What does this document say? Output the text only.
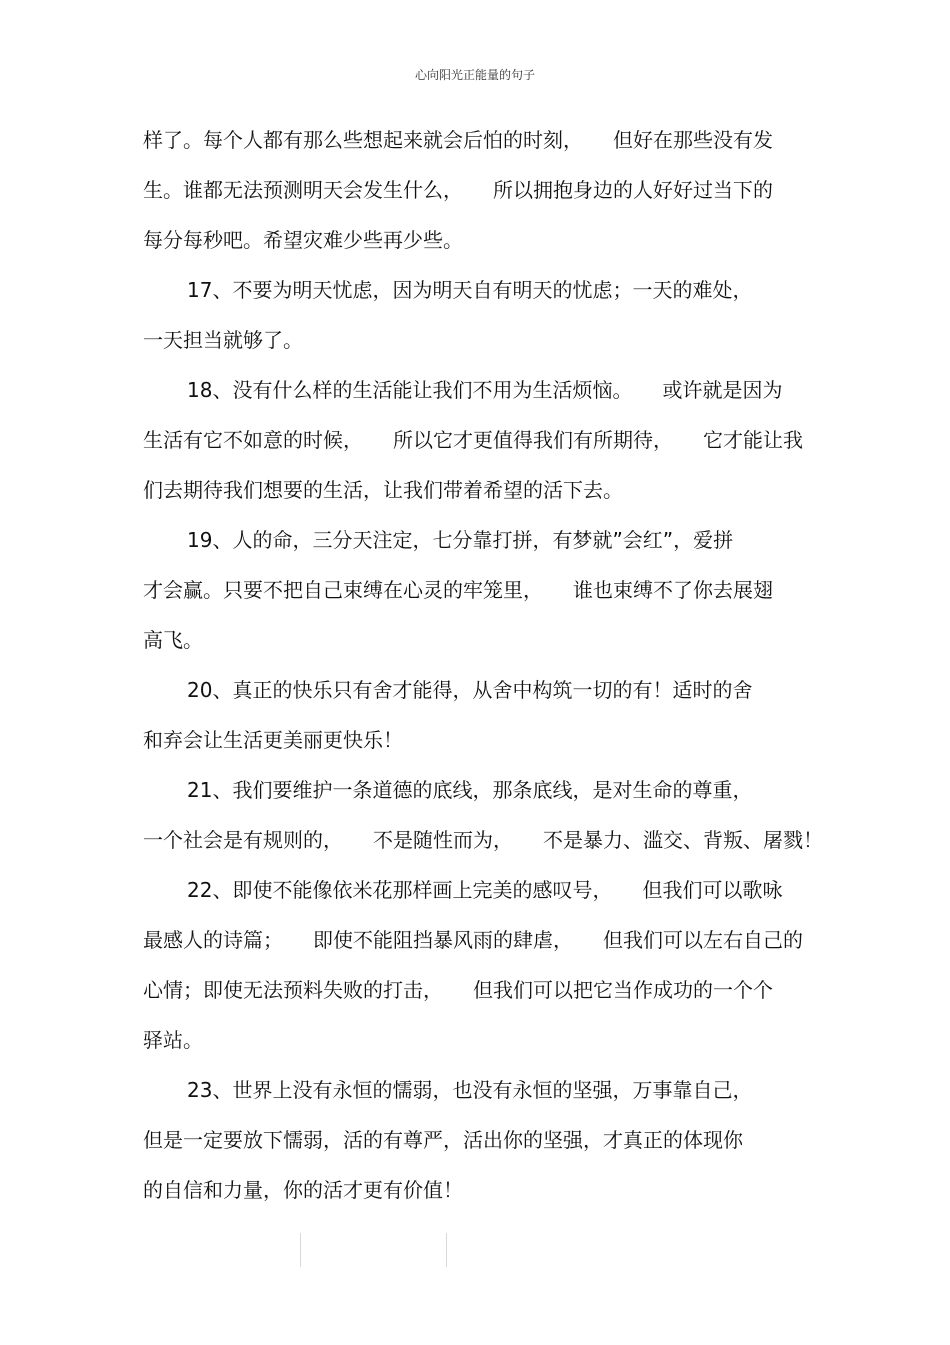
心向阳光正能量的句子
样了。每个人都有那么些想起来就会后怕的时刻， 但好在那些没有发
生。谁都无法预测明天会发生什么， 所以拥抱身边的人好好过当下的
每分每秒吧。希望灾难少些再少些。
17、不要为明天忧虑，因为明天自有明天的忧虑；一天的难处，
一天担当就够了。
18、没有什么样的生活能让我们不用为生活烦恼。 或许就是因为
生活有它不如意的时候， 所以它才更值得我们有所期待， 它才能让我
们去期待我们想要的生活，让我们带着希望的活下去。
19、人的命，三分天注定，七分靠打拼，有梦就”会红”，爱拼
才会赢。只要不把自己束缚在心灵的牢笼里， 谁也束缚不了你去展翅
高飞。
20、真正的快乐只有舍才能得，从舍中构筑一切的有！适时的舍
和弃会让生活更美丽更快乐！
21、我们要维护一条道德的底线，那条底线，是对生命的尊重，
一个社会是有规则的， 不是随性而为， 不是暴力、滥交、背叛、屠戮！
22、即使不能像依米花那样画上完美的感叹号， 但我们可以歌咏
最感人的诗篇； 即使不能阻挡暴风雨的肆虐， 但我们可以左右自己的
心情；即使无法预料失败的打击， 但我们可以把它当作成功的一个个
驿站。
23、世界上没有永恒的懦弱，也没有永恒的坚强，万事靠自己，
但是一定要放下懦弱，活的有尊严，活出你的坚强，才真正的体现你
的自信和力量，你的活才更有价值！
